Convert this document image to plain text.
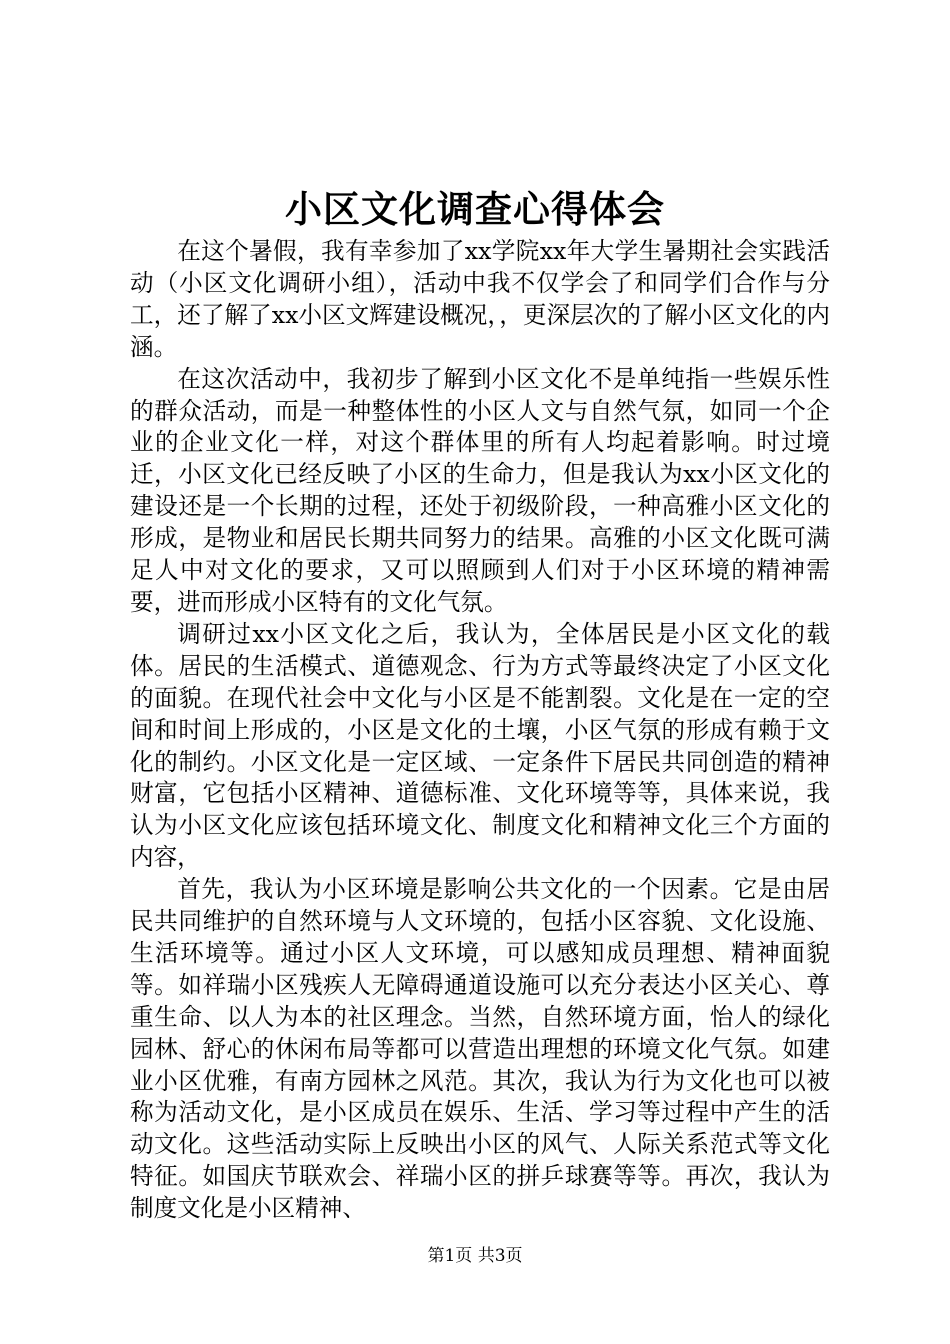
小区文化调查心得体会

在这个暑假，我有幸参加了xx学院xx年大学生暑期社会实践活动（小区文化调研小组），活动中我不仅学会了和同学们合作与分工，还了解了xx小区文辉建设概况，，更深层次的了解小区文化的内涵。

在这次活动中，我初步了解到小区文化不是单纯指一些娱乐性的群众活动，而是一种整体性的小区人文与自然气氛，如同一个企业的企业文化一样，对这个群体里的所有人均起着影响。时过境迁，小区文化已经反映了小区的生命力，但是我认为xx小区文化的建设还是一个长期的过程，还处于初级阶段，一种高雅小区文化的形成，是物业和居民长期共同努力的结果。高雅的小区文化既可满足人中对文化的要求，又可以照顾到人们对于小区环境的精神需要，进而形成小区特有的文化气氛。

调研过xx小区文化之后，我认为，全体居民是小区文化的载体。居民的生活模式、道德观念、行为方式等最终决定了小区文化的面貌。在现代社会中文化与小区是不能割裂。文化是在一定的空间和时间上形成的，小区是文化的土壤，小区气氛的形成有赖于文化的制约。小区文化是一定区域、一定条件下居民共同创造的精神财富，它包括小区精神、道德标准、文化环境等等，具体来说，我认为小区文化应该包括环境文化、制度文化和精神文化三个方面的内容，

首先，我认为小区环境是影响公共文化的一个因素。它是由居民共同维护的自然环境与人文环境的，包括小区容貌、文化设施、生活环境等。通过小区人文环境，可以感知成员理想、精神面貌等。如祥瑞小区残疾人无障碍通道设施可以充分表达小区关心、尊重生命、以人为本的社区理念。当然，自然环境方面，怡人的绿化园林、舒心的休闲布局等都可以营造出理想的环境文化气氛。如建业小区优雅，有南方园林之风范。其次，我认为行为文化也可以被称为活动文化，是小区成员在娱乐、生活、学习等过程中产生的活动文化。这些活动实际上反映出小区的风气、人际关系范式等文化特征。如国庆节联欢会、祥瑞小区的拼乒球赛等等。再次，我认为制度文化是小区精神、

第1页 共3页
